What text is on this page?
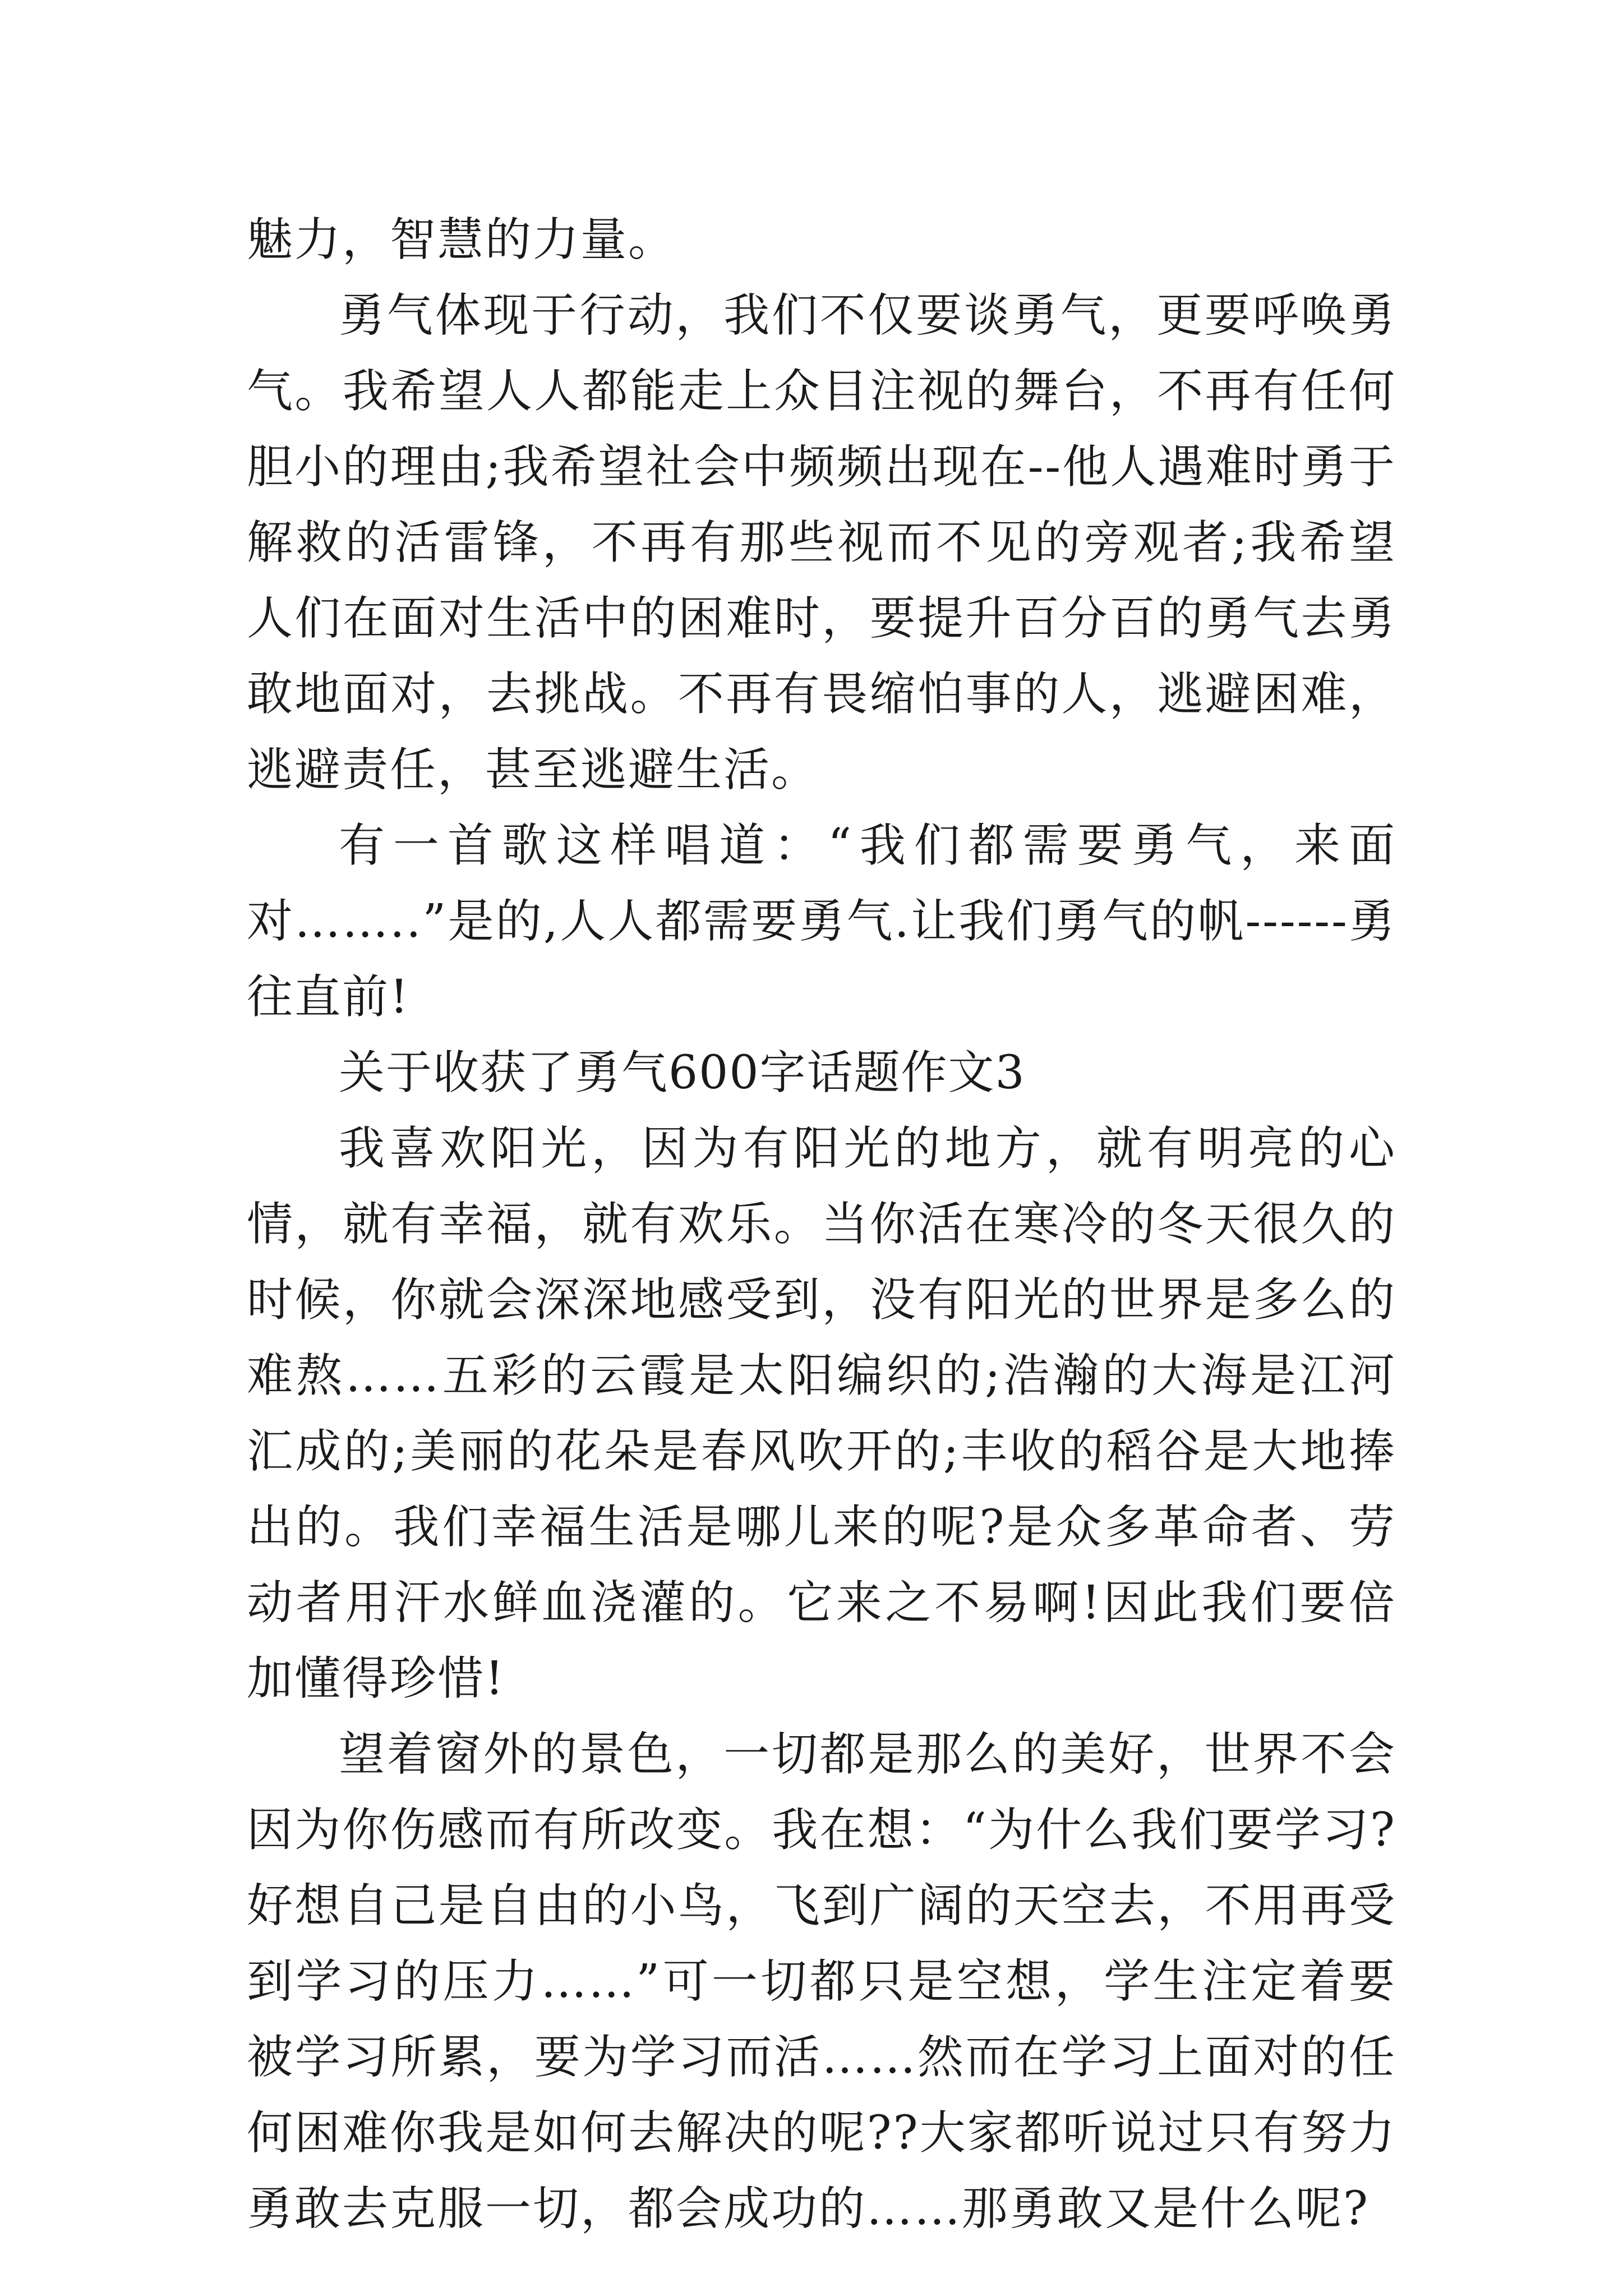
魅力，智慧的力量。

勇气体现于行动，我们不仅要谈勇气，更要呼唤勇气。我希望人人都能走上众目注视的舞台，不再有任何胆小的理由;我希望社会中频频出现在--他人遇难时勇于解救的活雷锋，不再有那些视而不见的旁观者;我希望人们在面对生活中的困难时，要提升百分百的勇气去勇敢地面对，去挑战。不再有畏缩怕事的人，逃避困难，逃避责任，甚至逃避生活。

有一首歌这样唱道：“我们都需要勇气，来面对……..”是的,人人都需要勇气.让我们勇气的帆------勇往直前!

关于收获了勇气600字话题作文3

我喜欢阳光，因为有阳光的地方，就有明亮的心情，就有幸福，就有欢乐。当你活在寒冷的冬天很久的时候，你就会深深地感受到，没有阳光的世界是多么的难熬……五彩的云霞是太阳编织的;浩瀚的大海是江河汇成的;美丽的花朵是春风吹开的;丰收的稻谷是大地捧出的。我们幸福生活是哪儿来的呢?是众多革命者、劳动者用汗水鲜血浇灌的。它来之不易啊!因此我们要倍加懂得珍惜!

望着窗外的景色，一切都是那么的美好，世界不会因为你伤感而有所改变。我在想：“为什么我们要学习?好想自己是自由的小鸟，飞到广阔的天空去，不用再受到学习的压力……”可一切都只是空想，学生注定着要被学习所累，要为学习而活……然而在学习上面对的任何困难你我是如何去解决的呢??大家都听说过只有努力勇敢去克服一切，都会成功的……那勇敢又是什么呢?
